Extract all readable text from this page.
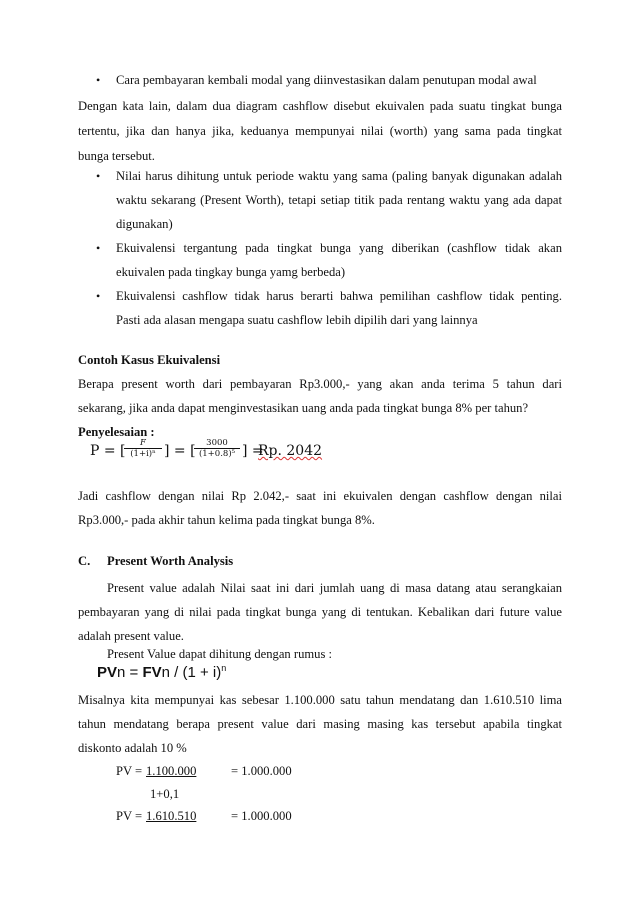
• Cara pembayaran kembali modal yang diinvestasikan dalam penutupan modal awal
Dengan kata lain, dalam dua diagram cashflow disebut ekuivalen pada suatu tingkat bunga
tertentu, jika dan hanya jika, keduanya mempunyai nilai (worth) yang sama pada tingkat
bunga tersebut.
• Nilai harus dihitung untuk periode waktu yang sama (paling banyak digunakan adalah
waktu sekarang (Present Worth), tetapi setiap titik pada rentang waktu yang ada dapat
digunakan)
• Ekuivalensi tergantung pada tingkat bunga yang diberikan (cashflow tidak akan
ekuivalen pada tingkay bunga yamg berbeda)
• Ekuivalensi cashflow tidak harus berarti bahwa pemilihan cashflow tidak penting.
Pasti ada alasan mengapa suatu cashflow lebih dipilih dari yang lainnya
Contoh Kasus Ekuivalensi
Berapa present worth dari pembayaran Rp3.000,- yang akan anda terima 5 tahun dari
sekarang, jika anda dapat menginvestasikan uang anda pada tingkat bunga 8% per tahun?
Penyelesaian :
P = [
$\frac{F}{\text{(1+i)ⁿ}}$ ] = [
$\frac{3000}{\text{(1+0.8)⁵}}$ ] =
Rp. 2042
Jadi cashflow dengan nilai Rp 2.042,- saat ini ekuivalen dengan cashflow dengan nilai
Rp3.000,- pada akhir tahun kelima pada tingkat bunga 8%.
C. Present Worth Analysis
Present value adalah Nilai saat ini dari jumlah uang di masa datang atau serangkaian
pembayaran yang di nilai pada tingkat bunga yang di tentukan. Kebalikan dari future value
adalah present value.
Present Value dapat dihitung dengan rumus :
PVn = FVn / $(1 + i)^n$
Misalnya kita mempunyai kas sebesar 1.100.000 satu tahun mendatang dan 1.610.510 lima
tahun mendatang berapa present value dari masing masing kas tersebut apabila tingkat
diskonto adalah 10 %
PV = 1.100.000	= 1.000.000
1+0,1
PV = 1.610.510	= 1.000.000
